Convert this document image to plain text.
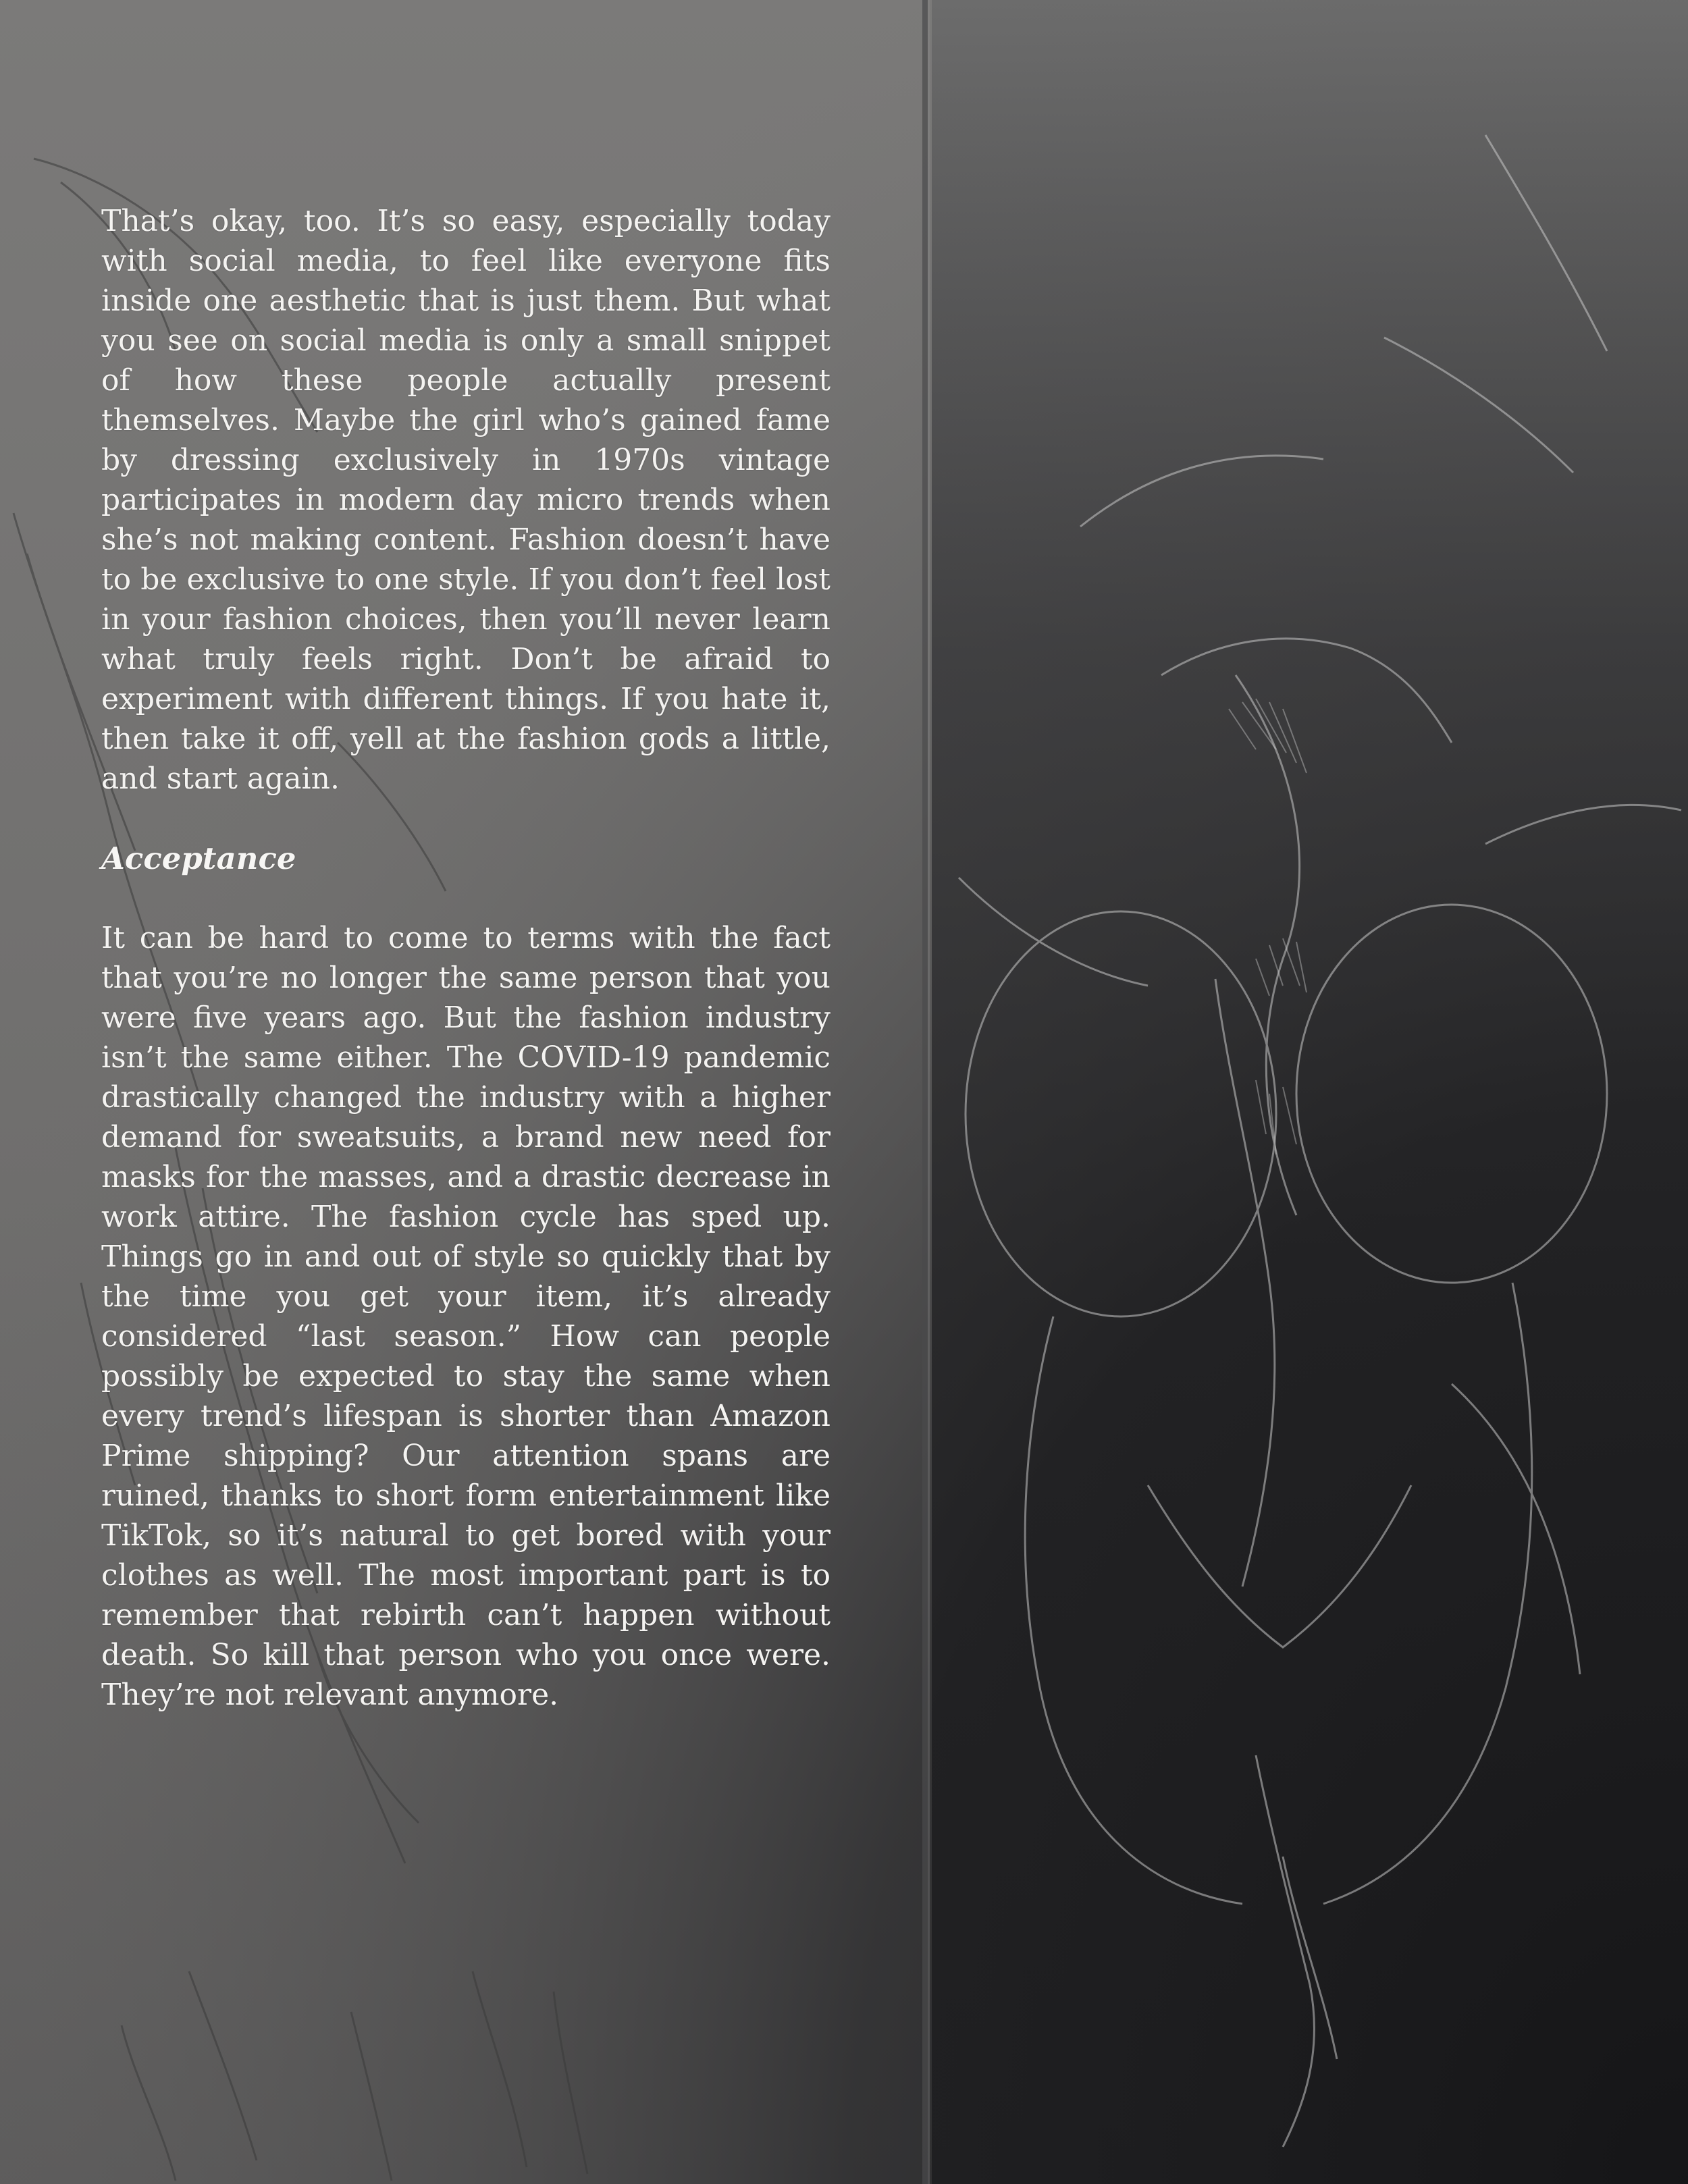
That’s okay, too. It’s so easy, especially today with social media, to feel like everyone fits inside one aesthetic that is just them. But what you see on social media is only a small snippet of how these people actually present themselves. Maybe the girl who’s gained fame by dressing exclusively in 1970s vintage participates in modern day micro trends when she’s not making content. Fashion doesn’t have to be exclusive to one style. If you don’t feel lost in your fashion choices, then you’ll never learn what truly feels right. Don’t be afraid to experiment with different things. If you hate it, then take it off, yell at the fashion gods a little, and start again.

Acceptance

It can be hard to come to terms with the fact that you’re no longer the same person that you were five years ago. But the fashion industry isn’t the same either. The COVID-19 pandemic drastically changed the industry with a higher demand for sweatsuits, a brand new need for masks for the masses, and a drastic decrease in work attire. The fashion cycle has sped up. Things go in and out of style so quickly that by the time you get your item, it’s already considered “last season.” How can people possibly be expected to stay the same when every trend’s lifespan is shorter than Amazon Prime shipping? Our attention spans are ruined, thanks to short form entertainment like TikTok, so it’s natural to get bored with your clothes as well. The most important part is to remember that rebirth can’t happen without death. So kill that person who you once were. They’re not relevant anymore.
